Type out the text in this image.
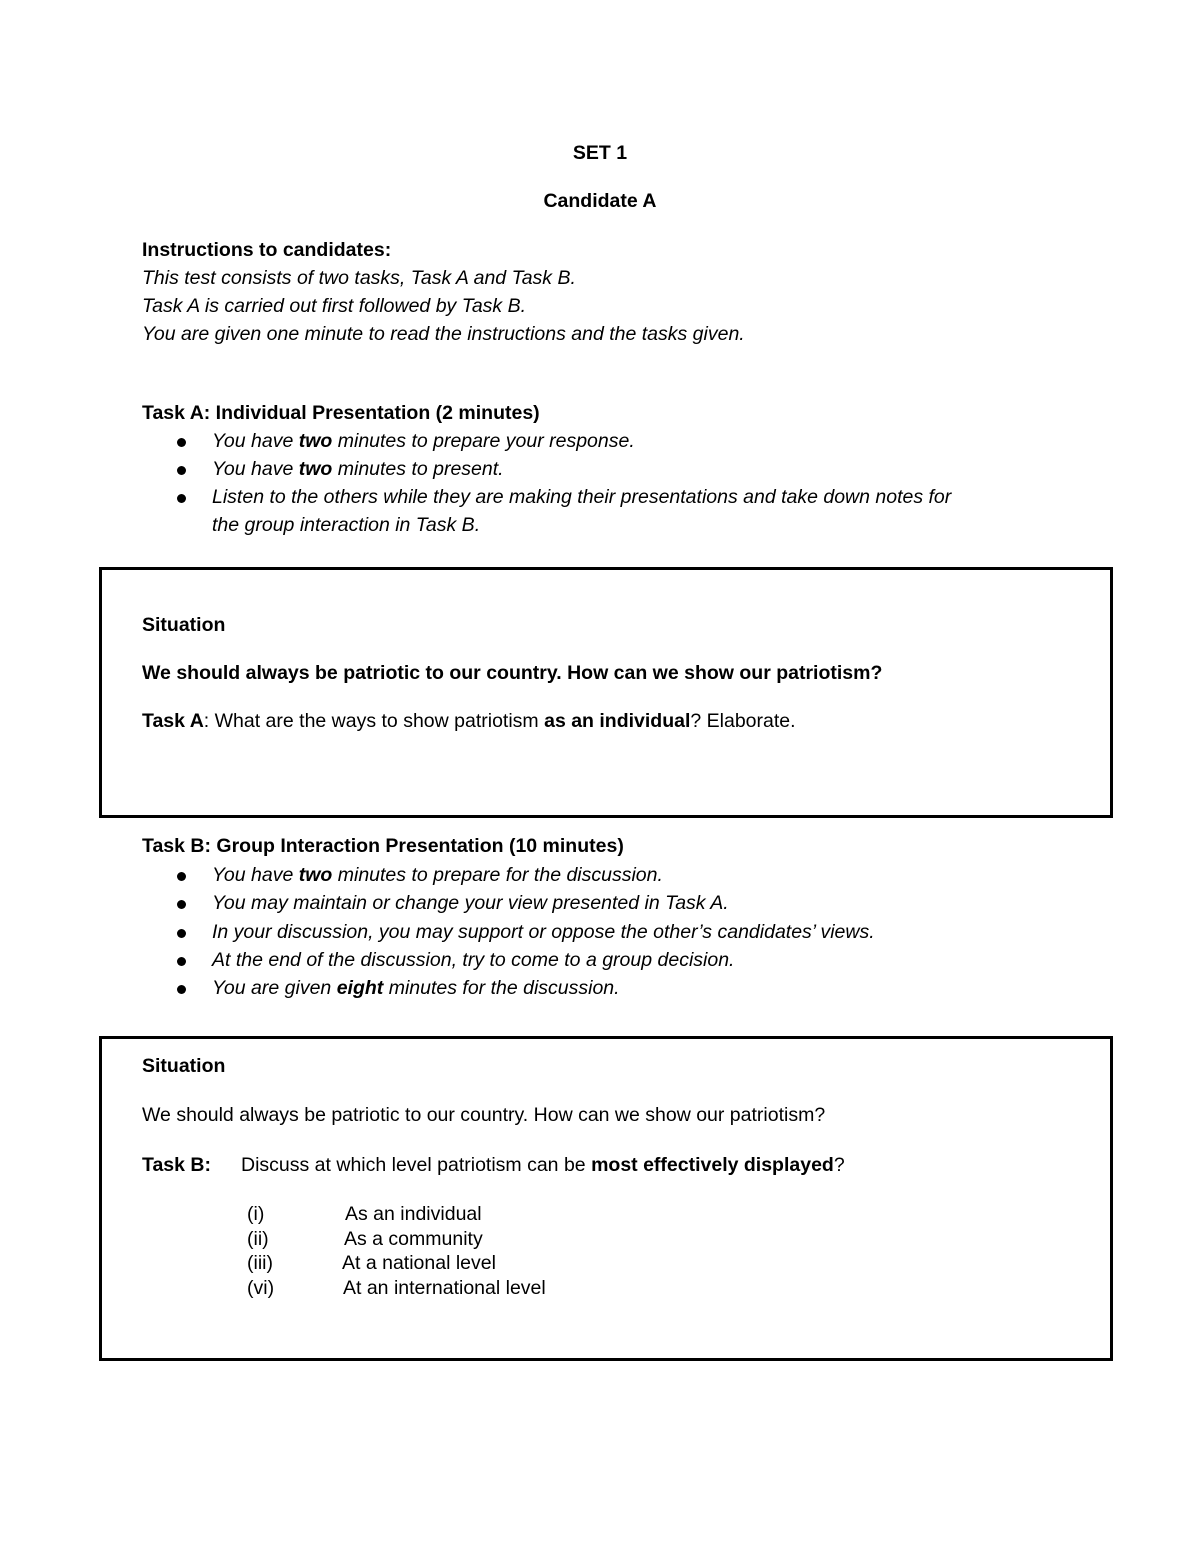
SET 1
Candidate A
Instructions to candidates:
This test consists of two tasks, Task A and Task B.
Task A is carried out first followed by Task B.
You are given one minute to read the instructions and the tasks given.
Task A: Individual Presentation (2 minutes)
You have two minutes to prepare your response.
You have two minutes to present.
Listen to the others while they are making their presentations and take down notes for
the group interaction in Task B.
Situation
We should always be patriotic to our country. How can we show our patriotism?
Task A: What are the ways to show patriotism as an individual? Elaborate.
Task B: Group Interaction Presentation (10 minutes)
You have two minutes to prepare for the discussion.
You may maintain or change your view presented in Task A.
In your discussion, you may support or oppose the other’s candidates’ views.
At the end of the discussion, try to come to a group decision.
You are given eight minutes for the discussion.
Situation
We should always be patriotic to our country. How can we show our patriotism?
Task B: Discuss at which level patriotism can be most effectively displayed?
(i)	As an individual
(ii)	As a community
(iii)	At a national level
(vi)	At an international level
